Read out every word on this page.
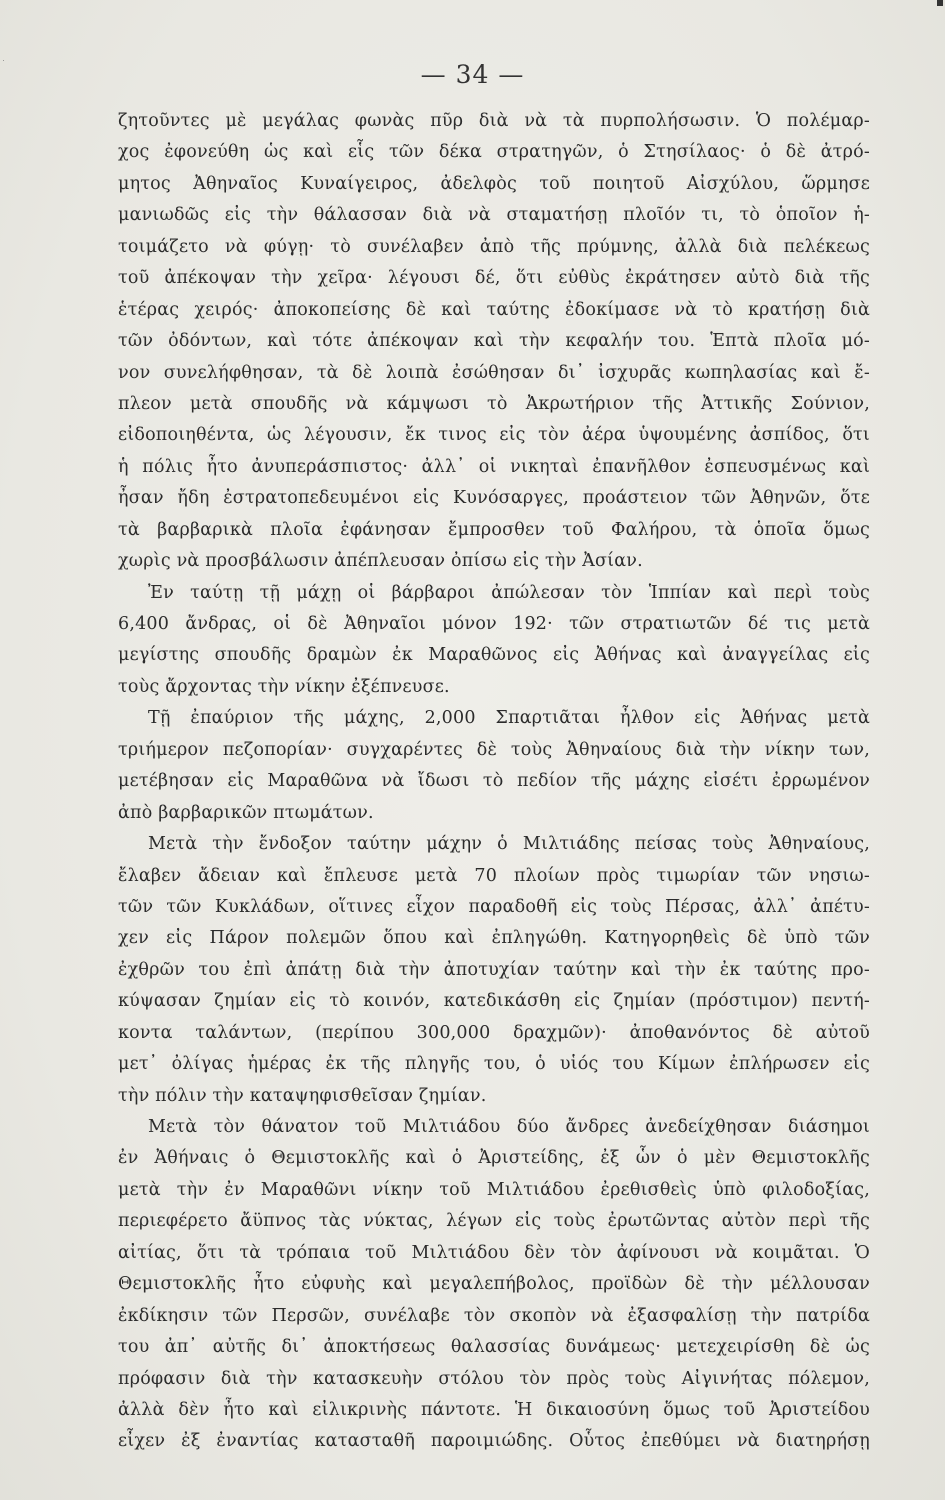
— 34 —
ζητοῦντες μὲ μεγάλας φωνὰς πῦρ διὰ νὰ τὰ πυρπολήσωσιν. Ὁ πολέμαρ-
χος ἐφονεύθη ὡς καὶ εἷς τῶν δέκα στρατηγῶν, ὁ Στησίλαος· ὁ δὲ ἀτρό-
μητος Ἀθηναῖος Κυναίγειρος, ἀδελφὸς τοῦ ποιητοῦ Αἰσχύλου, ὥρμησε
μανιωδῶς εἰς τὴν θάλασσαν διὰ νὰ σταματήσῃ πλοῖόν τι, τὸ ὁποῖον ἡ-
τοιμάζετο νὰ φύγῃ· τὸ συνέλαβεν ἀπὸ τῆς πρύμνης, ἀλλὰ διὰ πελέκεως
τοῦ ἀπέκοψαν τὴν χεῖρα· λέγουσι δέ, ὅτι εὐθὺς ἐκράτησεν αὐτὸ διὰ τῆς
ἑτέρας χειρός· ἀποκοπείσης δὲ καὶ ταύτης ἐδοκίμασε νὰ τὸ κρατήσῃ διὰ
τῶν ὀδόντων, καὶ τότε ἀπέκοψαν καὶ τὴν κεφαλήν του. Ἑπτὰ πλοῖα μό-
νον συνελήφθησαν, τὰ δὲ λοιπὰ ἐσώθησαν δι᾽ ἰσχυρᾶς κωπηλασίας καὶ ἔ-
πλεον μετὰ σπουδῆς νὰ κάμψωσι τὸ Ἀκρωτήριον τῆς Ἀττικῆς Σούνιον,
εἰδοποιηθέντα, ὡς λέγουσιν, ἔκ τινος εἰς τὸν ἀέρα ὑψουμένης ἀσπίδος, ὅτι
ἡ πόλις ἦτο ἀνυπεράσπιστος· ἀλλ᾽ οἱ νικηταὶ ἐπανῆλθον ἐσπευσμένως καὶ
ἦσαν ἤδη ἐστρατοπεδευμένοι εἰς Κυνόσαργες, προάστειον τῶν Ἀθηνῶν, ὅτε
τὰ βαρβαρικὰ πλοῖα ἐφάνησαν ἔμπροσθεν τοῦ Φαλήρου, τὰ ὁποῖα ὅμως
χωρὶς νὰ προσβάλωσιν ἀπέπλευσαν ὀπίσω εἰς τὴν Ἀσίαν.
Ἐν ταύτῃ τῇ μάχῃ οἱ βάρβαροι ἀπώλεσαν τὸν Ἱππίαν καὶ περὶ τοὺς
6,400 ἄνδρας, οἱ δὲ Ἀθηναῖοι μόνον 192· τῶν στρατιωτῶν δέ τις μετὰ
μεγίστης σπουδῆς δραμὼν ἐκ Μαραθῶνος εἰς Ἀθήνας καὶ ἀναγγείλας εἰς
τοὺς ἄρχοντας τὴν νίκην ἐξέπνευσε.
Τῇ ἐπαύριον τῆς μάχης, 2,000 Σπαρτιᾶται ἦλθον εἰς Ἀθήνας μετὰ
τριήμερον πεζοπορίαν· συγχαρέντες δὲ τοὺς Ἀθηναίους διὰ τὴν νίκην των,
μετέβησαν εἰς Μαραθῶνα νὰ ἴδωσι τὸ πεδίον τῆς μάχης εἰσέτι ἐρρωμένον
ἀπὸ βαρβαρικῶν πτωμάτων.
Μετὰ τὴν ἔνδοξον ταύτην μάχην ὁ Μιλτιάδης πείσας τοὺς Ἀθηναίους,
ἔλαβεν ἄδειαν καὶ ἔπλευσε μετὰ 70 πλοίων πρὸς τιμωρίαν τῶν νησιω-
τῶν τῶν Κυκλάδων, οἵτινες εἶχον παραδοθῆ εἰς τοὺς Πέρσας, ἀλλ᾽ ἀπέτυ-
χεν εἰς Πάρον πολεμῶν ὅπου καὶ ἐπληγώθη. Κατηγορηθεὶς δὲ ὑπὸ τῶν
ἐχθρῶν του ἐπὶ ἀπάτῃ διὰ τὴν ἀποτυχίαν ταύτην καὶ τὴν ἐκ ταύτης προ-
κύψασαν ζημίαν εἰς τὸ κοινόν, κατεδικάσθη εἰς ζημίαν (πρόστιμον) πεντή-
κοντα ταλάντων, (περίπου 300,000 δραχμῶν)· ἀποθανόντος δὲ αὐτοῦ
μετ᾽ ὀλίγας ἡμέρας ἐκ τῆς πληγῆς του, ὁ υἱός του Κίμων ἐπλήρωσεν εἰς
τὴν πόλιν τὴν καταψηφισθεῖσαν ζημίαν.
Μετὰ τὸν θάνατον τοῦ Μιλτιάδου δύο ἄνδρες ἀνεδείχθησαν διάσημοι
ἐν Ἀθήναις ὁ Θεμιστοκλῆς καὶ ὁ Ἀριστείδης, ἐξ ὧν ὁ μὲν Θεμιστοκλῆς
μετὰ τὴν ἐν Μαραθῶνι νίκην τοῦ Μιλτιάδου ἐρεθισθεὶς ὑπὸ φιλοδοξίας,
περιεφέρετο ἄϋπνος τὰς νύκτας, λέγων εἰς τοὺς ἐρωτῶντας αὐτὸν περὶ τῆς
αἰτίας, ὅτι τὰ τρόπαια τοῦ Μιλτιάδου δὲν τὸν ἀφίνουσι νὰ κοιμᾶται. Ὁ
Θεμιστοκλῆς ἦτο εὐφυὴς καὶ μεγαλεπήβολος, προϊδὼν δὲ τὴν μέλλουσαν
ἐκδίκησιν τῶν Περσῶν, συνέλαβε τὸν σκοπὸν νὰ ἐξασφαλίσῃ τὴν πατρίδα
του ἀπ᾽ αὐτῆς δι᾽ ἀποκτήσεως θαλασσίας δυνάμεως· μετεχειρίσθη δὲ ὡς
πρόφασιν διὰ τὴν κατασκευὴν στόλου τὸν πρὸς τοὺς Αἰγινήτας πόλεμον,
ἀλλὰ δὲν ἦτο καὶ εἰλικρινὴς πάντοτε. Ἡ δικαιοσύνη ὅμως τοῦ Ἀριστείδου
εἶχεν ἐξ ἐναντίας κατασταθῆ παροιμιώδης. Οὗτος ἐπεθύμει νὰ διατηρήσῃ
